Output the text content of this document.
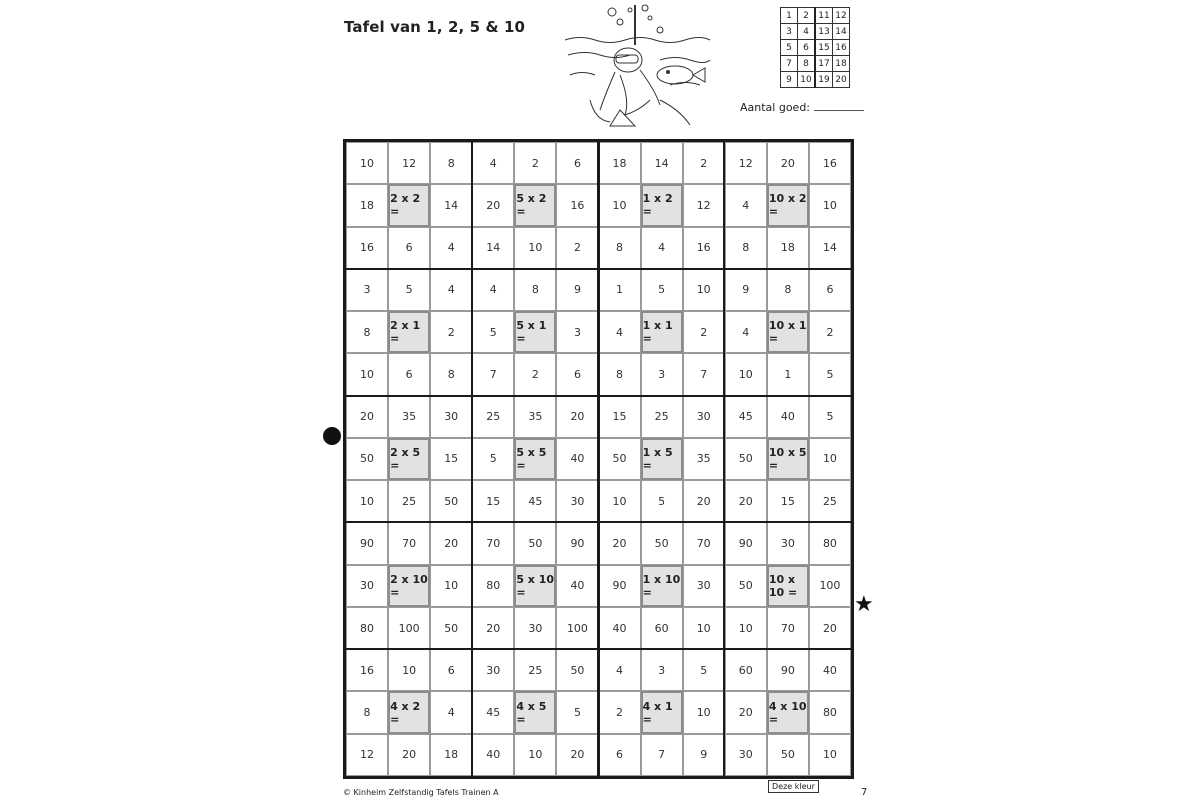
Tafel van 1, 2, 5 & 10
1	2	11	12
3	4	13	14
5	6	15	16
7	8	17	18
9	10	19	20
Aantal goed:
10	12	8	4	2	6	18	14	2	12	20	16
18	2 x 2 =	14	20	5 x 2 =	16	10	1 x 2 =	12	4	10 x 2 =	10
16	6	4	14	10	2	8	4	16	8	18	14
3	5	4	4	8	9	1	5	10	9	8	6
8	2 x 1 =	2	5	5 x 1 =	3	4	1 x 1 =	2	4	10 x 1 =	2
10	6	8	7	2	6	8	3	7	10	1	5
20	35	30	25	35	20	15	25	30	45	40	5
50	2 x 5 =	15	5	5 x 5 =	40	50	1 x 5 =	35	50	10 x 5 =	10
10	25	50	15	45	30	10	5	20	20	15	25
90	70	20	70	50	90	20	50	70	90	30	80
30	2 x 10 =	10	80	5 x 10 =	40	90	1 x 10 =	30	50	10 x 10 =	100
80	100	50	20	30	100	40	60	10	10	70	20
16	10	6	30	25	50	4	3	5	60	90	40
8	4 x 2 =	4	45	4 x 5 =	5	2	4 x 1 =	10	20	4 x 10 =	80
12	20	18	40	10	20	6	7	9	30	50	10
★
© Kinheim Zelfstandig Tafels Trainen A
Deze kleur
7
